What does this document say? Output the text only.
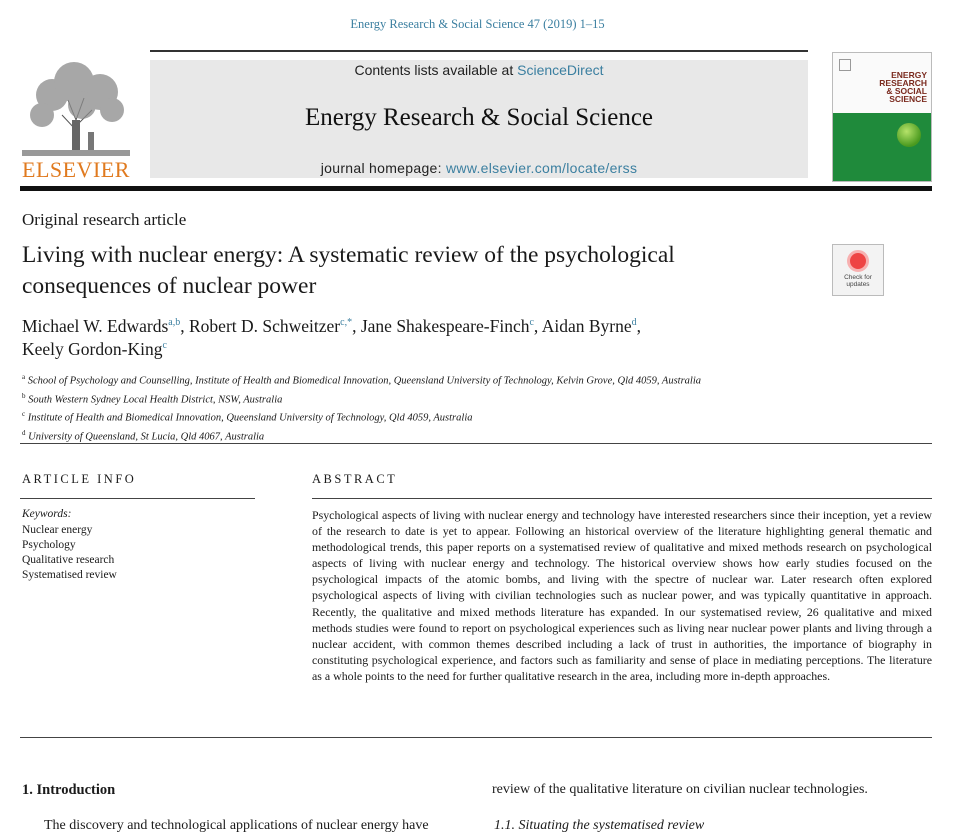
Energy Research & Social Science 47 (2019) 1–15
ELSEVIER
Contents lists available at ScienceDirect
Energy Research & Social Science
journal homepage: www.elsevier.com/locate/erss
ENERGY
RESEARCH
& SOCIAL
SCIENCE
Original research article
Living with nuclear energy: A systematic review of the psychological consequences of nuclear power	Check for
updates
Michael W. Edwards$^{a,b}$, Robert D. Schweitzer$^{c,*}$, Jane Shakespeare-Finch$^c$, Aidan Byrne$^d$,
Keely Gordon-King$^c$
$^a$ School of Psychology and Counselling, Institute of Health and Biomedical Innovation, Queensland University of Technology, Kelvin Grove, Qld 4059, Australia
$^b$ South Western Sydney Local Health District, NSW, Australia
$^c$ Institute of Health and Biomedical Innovation, Queensland University of Technology, Qld 4059, Australia
$^d$ University of Queensland, St Lucia, Qld 4067, Australia
ARTICLE INFO
Keywords:
Nuclear energy
Psychology
Qualitative research
Systematised review
ABSTRACT
Psychological aspects of living with nuclear energy and technology have interested researchers since their inception, yet a review of the research to date is yet to appear. Following an historical overview of the literature highlighting general thematic and methodological trends, this paper reports on a systematised review of qualitative and mixed methods research on psychological aspects of living with nuclear energy and technology. The historical overview shows how early studies focused on the psychological impacts of the atomic bombs, and living with the spectre of nuclear war. Later research often explored psychological aspects of living with civilian technologies such as nuclear power, and was typically quantitative in approach. Recently, the qualitative and mixed methods literature has expanded. In our systematised review, 26 qualitative and mixed methods studies were found to report on psychological experiences such as living near nuclear power plants and living through a nuclear accident, with common themes described including a lack of trust in authorities, the importance of biography in constituting psychological experience, and factors such as familiarity and sense of place in mediating perceptions. The literature as a whole points to the need for further qualitative research in the area, including more in-depth approaches.
1. Introduction
The discovery and technological applications of nuclear energy have
review of the qualitative literature on civilian nuclear technologies.
1.1. Situating the systematised review
